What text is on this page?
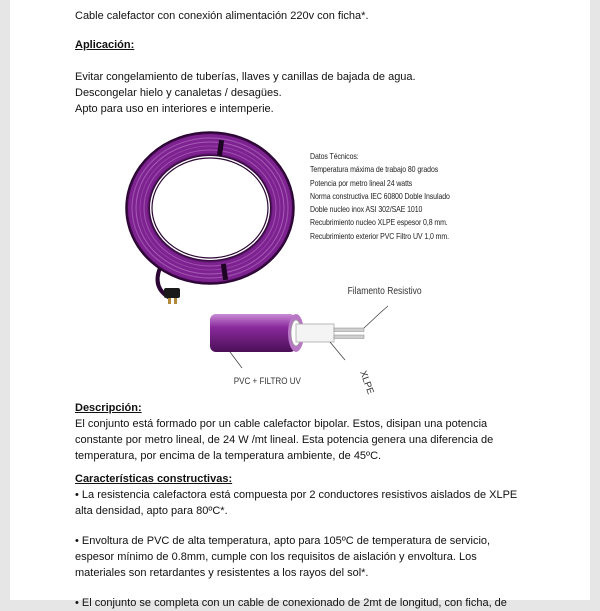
Cable calefactor con conexión alimentación 220v con ficha*.

Aplicación:

Evitar congelamiento de tuberías, llaves y canillas de bajada de agua.

Descongelar hielo y canaletas / desagües.

Apto para uso en interiores e intemperie.

Filamento Resistivo
XLPE
PVC + FILTRO UV

Datos Técnicos:

Temperatura máxima de trabajo 80 grados

Potencia por metro lineal 24 watts

Norma constructiva IEC 60800 Doble Insulado

Doble nucleo inox ASI 302/SAE 1010

Recubrimiento nucleo XLPE espesor 0,8 mm.

Recubrimiento exterior PVC Filtro UV 1,0 mm.

Descripción:

El conjunto está formado por un cable calefactor bipolar. Estos, disipan una potencia

constante por metro lineal, de 24 W /mt lineal. Esta potencia genera una diferencia de

temperatura, por encima de la temperatura ambiente, de 45ºC.

Características constructivas:

• La resistencia calefactora está compuesta por 2 conductores resistivos aislados de XLPE

alta densidad, apto para 80ºC*.

• Envoltura de PVC de alta temperatura, apto para 105ºC de temperatura de servicio,

espesor mínimo de 0.8mm, cumple con los requisitos de aislación y envoltura. Los

materiales son retardantes y resistentes a los rayos del sol*.

• El conjunto se completa con un cable de conexionado de 2mt de longitud, con ficha, de
